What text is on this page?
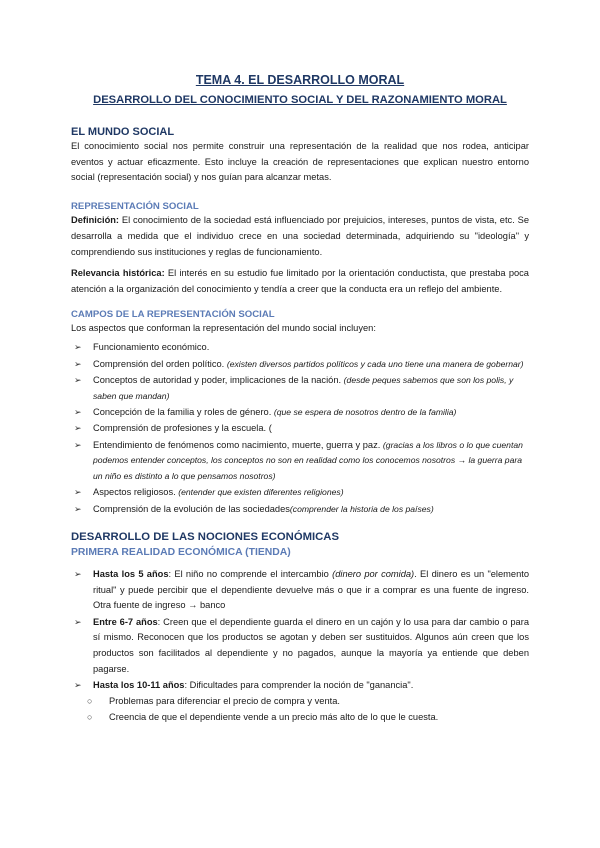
TEMA 4. EL DESARROLLO MORAL
DESARROLLO DEL CONOCIMIENTO SOCIAL Y DEL RAZONAMIENTO MORAL
EL MUNDO SOCIAL

El conocimiento social nos permite construir una representación de la realidad que nos rodea, anticipar eventos y actuar eficazmente. Esto incluye la creación de representaciones que explican nuestro entorno social (representación social) y nos guían para alcanzar metas.

REPRESENTACIÓN SOCIAL

Definición: El conocimiento de la sociedad está influenciado por prejuicios, intereses, puntos de vista, etc. Se desarrolla a medida que el individuo crece en una sociedad determinada, adquiriendo su "ideología" y comprendiendo sus instituciones y reglas de funcionamiento.

Relevancia histórica: El interés en su estudio fue limitado por la orientación conductista, que prestaba poca atención a la organización del conocimiento y tendía a creer que la conducta era un reflejo del ambiente.

CAMPOS DE LA REPRESENTACIÓN SOCIAL

Los aspectos que conforman la representación del mundo social incluyen:

➢ Funcionamiento económico.
➢ Comprensión del orden político. (existen diversos partidos políticos y cada uno tiene una manera de gobernar)
➢ Conceptos de autoridad y poder, implicaciones de la nación. (desde peques sabemos que son los polis, y saben que mandan)
➢ Concepción de la familia y roles de género. (que se espera de nosotros dentro de la familia)
➢ Comprensión de profesiones y la escuela. (
➢ Entendimiento de fenómenos como nacimiento, muerte, guerra y paz. (gracias a los libros o lo que cuentan podemos entender conceptos, los conceptos no son en realidad como los conocemos nosotros → la guerra para un niño es distinto a lo que pensamos nosotros)
➢ Aspectos religiosos. (entender que existen diferentes religiones)
➢ Comprensión de la evolución de las sociedades(comprender la historia de los países)
DESARROLLO DE LAS NOCIONES ECONÓMICAS
PRIMERA REALIDAD ECONÓMICA (TIENDA)
➢ Hasta los 5 años: El niño no comprende el intercambio (dinero por comida). El dinero es un "elemento ritual" y puede percibir que el dependiente devuelve más o que ir a comprar es una fuente de ingreso. Otra fuente de ingreso → banco
➢ Entre 6-7 años: Creen que el dependiente guarda el dinero en un cajón y lo usa para dar cambio o para sí mismo. Reconocen que los productos se agotan y deben ser sustituidos. Algunos aún creen que los productos son facilitados al dependiente y no pagados, aunque la mayoría ya entiende que deben pagarse.
➢ Hasta los 10-11 años: Dificultades para comprender la noción de "ganancia".
○ Problemas para diferenciar el precio de compra y venta.
○ Creencia de que el dependiente vende a un precio más alto de lo que le cuesta.
